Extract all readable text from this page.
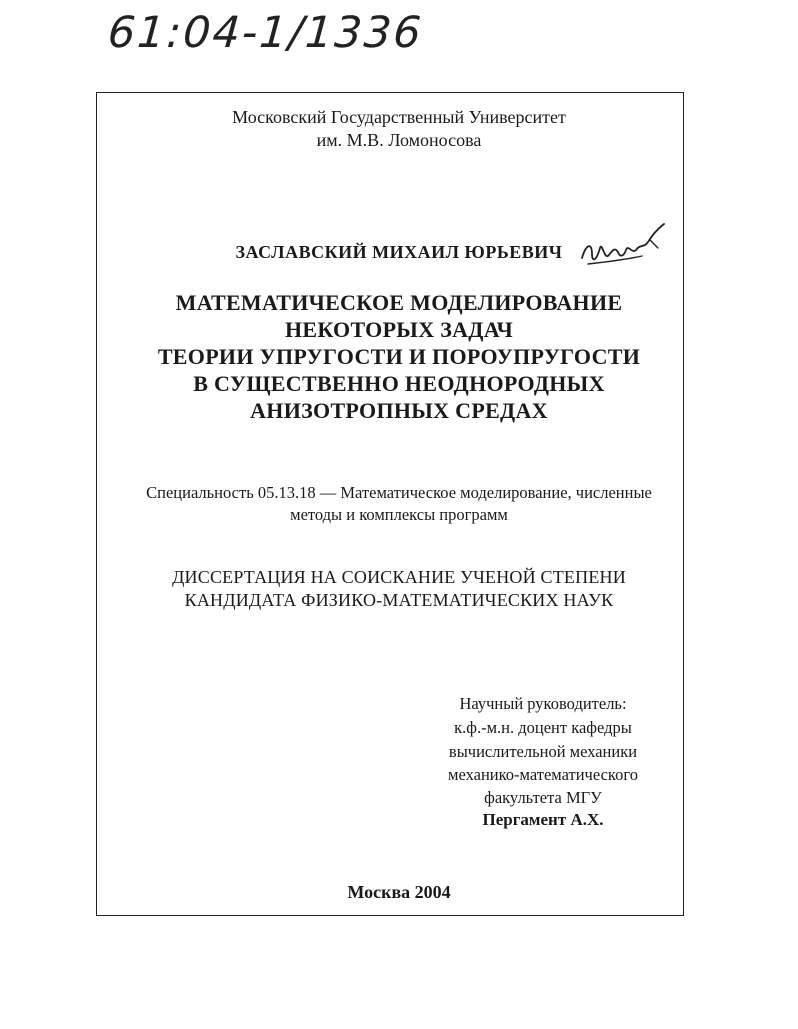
61:04-1/1336
Московский Государственный Университет
им. М.В. Ломоносова
ЗАСЛАВСКИЙ МИХАИЛ ЮРЬЕВИЧ
МАТЕМАТИЧЕСКОЕ МОДЕЛИРОВАНИЕ
НЕКОТОРЫХ ЗАДАЧ
ТЕОРИИ УПРУГОСТИ И ПОРОУПРУГОСТИ
В СУЩЕСТВЕННО НЕОДНОРОДНЫХ
АНИЗОТРОПНЫХ СРЕДАХ
Специальность 05.13.18 — Математическое моделирование, численные
методы и комплексы программ
ДИССЕРТАЦИЯ НА СОИСКАНИЕ УЧЕНОЙ СТЕПЕНИ
КАНДИДАТА ФИЗИКО-МАТЕМАТИЧЕСКИХ НАУК
Научный руководитель:
к.ф.-м.н. доцент кафедры
вычислительной механики
механико-математического
факультета МГУ
Пергамент А.Х.
Москва 2004
